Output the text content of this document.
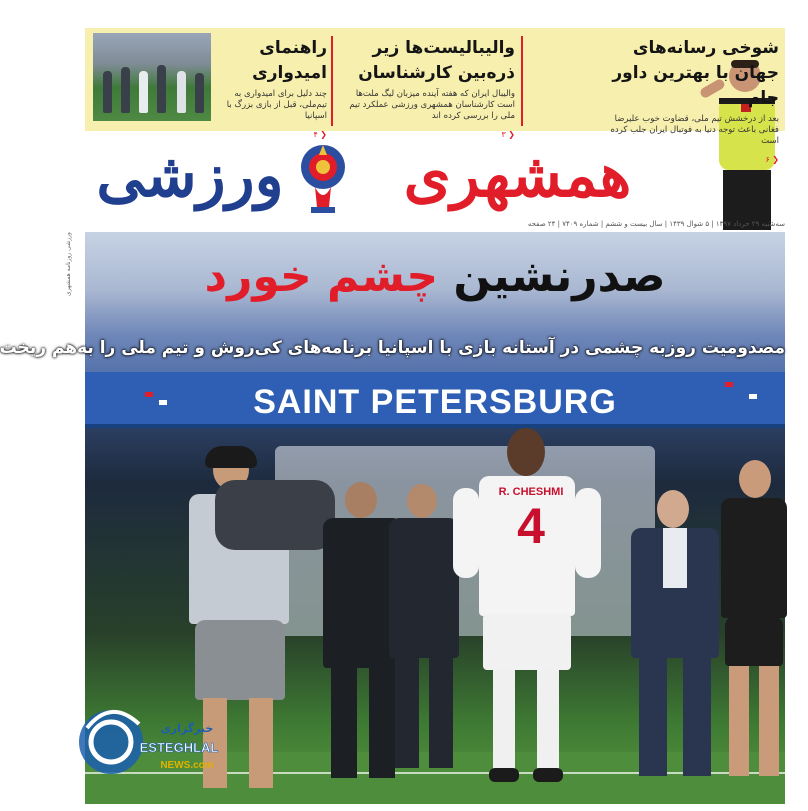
شوخی رسانه‌های جهان با بهترین داور جام
بعد از درخشش تیم ملی، قضاوت خوب علیرضا فغانی باعث توجه دنیا به فوتبال ایران جلب کرده است
❮ ۶
والیبالیست‌ها زیر ذره‌بین کارشناسان
والیبال ایران که هفته آینده میزبان لیگ ملت‌ها است کارشناسان همشهری ورزشی عملکرد تیم ملی را بررسی کرده اند
❮ ۳
راهنمای امیدواری
چند دلیل برای امیدواری به تیم‌ملی، قبل از بازی بزرگ با اسپانیا
❮ ۴
همشهری
ورزشی
سه‌شنبه ۲۹ خرداد ۱۳۹۷ | ۵ شوال ۱۴۳۹ | سال بیست و ششم | شماره ۷۴۰۹ | ۲۴ صفحه
ورزشی روزنامه همشهری
SAINT PETERSBURG
R. CHESHMI
4
صدرنشین چشم خورد
مصدومیت روزبه چشمی در آستانه بازی با اسپانیا برنامه‌های کی‌روش و تیم ملی را به‌هم ریخت
خبرگزاری
ESTEGHLAL
NEWS.com
